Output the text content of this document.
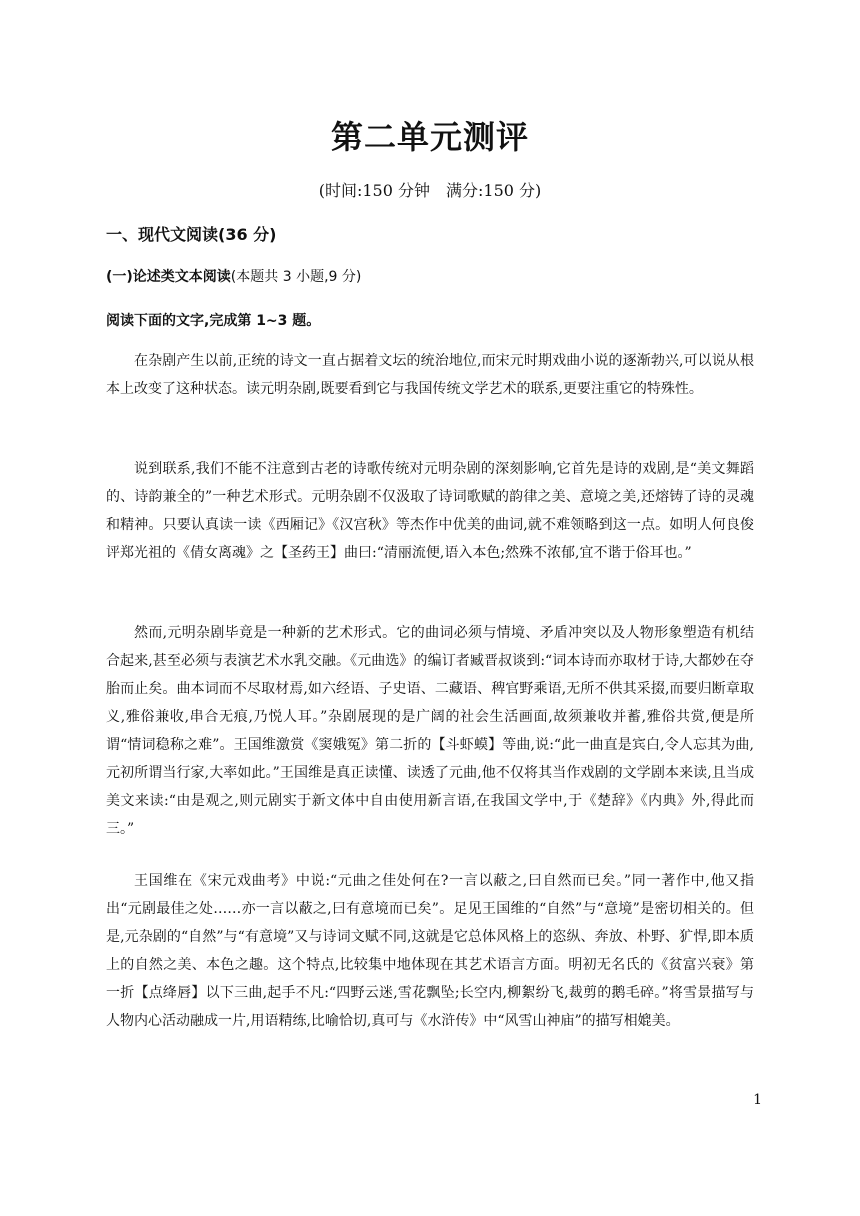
第二单元测评
(时间:150 分钟　满分:150 分)
一、现代文阅读(36 分)
(一)论述类文本阅读(本题共 3 小题,9 分)
阅读下面的文字,完成第 1~3 题。

在杂剧产生以前,正统的诗文一直占据着文坛的统治地位,而宋元时期戏曲小说的逐渐勃兴,可以说从根本上改变了这种状态。读元明杂剧,既要看到它与我国传统文学艺术的联系,更要注重它的特殊性。

说到联系,我们不能不注意到古老的诗歌传统对元明杂剧的深刻影响,它首先是诗的戏剧,是“美文舞蹈的、诗韵兼全的”一种艺术形式。元明杂剧不仅汲取了诗词歌赋的韵律之美、意境之美,还熔铸了诗的灵魂和精神。只要认真读一读《西厢记》《汉宫秋》等杰作中优美的曲词,就不难领略到这一点。如明人何良俊评郑光祖的《倩女离魂》之【圣药王】曲曰:“清丽流便,语入本色;然殊不浓郁,宜不谐于俗耳也。”

然而,元明杂剧毕竟是一种新的艺术形式。它的曲词必须与情境、矛盾冲突以及人物形象塑造有机结合起来,甚至必须与表演艺术水乳交融。《元曲选》的编订者臧晋叔谈到:“词本诗而亦取材于诗,大都妙在夺胎而止矣。曲本词而不尽取材焉,如六经语、子史语、二藏语、稗官野乘语,无所不供其采掇,而要归断章取义,雅俗兼收,串合无痕,乃悦人耳。”杂剧展现的是广阔的社会生活画面,故须兼收并蓄,雅俗共赏,便是所谓“情词稳称之难”。王国维激赏《窦娥冤》第二折的【斗虾蟆】等曲,说:“此一曲直是宾白,令人忘其为曲,元初所谓当行家,大率如此。”王国维是真正读懂、读透了元曲,他不仅将其当作戏剧的文学剧本来读,且当成美文来读:“由是观之,则元剧实于新文体中自由使用新言语,在我国文学中,于《楚辞》《内典》外,得此而三。”

王国维在《宋元戏曲考》中说:“元曲之佳处何在?一言以蔽之,曰自然而已矣。”同一著作中,他又指出“元剧最佳之处……亦一言以蔽之,曰有意境而已矣”。足见王国维的“自然”与“意境”是密切相关的。但是,元杂剧的“自然”与“有意境”又与诗词文赋不同,这就是它总体风格上的恣纵、奔放、朴野、犷悍,即本质上的自然之美、本色之趣。这个特点,比较集中地体现在其艺术语言方面。明初无名氏的《贫富兴衰》第一折【点绛唇】以下三曲,起手不凡:“四野云迷,雪花飘坠;长空内,柳絮纷飞,裁剪的鹅毛碎。”将雪景描写与人物内心活动融成一片,用语精练,比喻恰切,真可与《水浒传》中“风雪山神庙”的描写相媲美。

1
